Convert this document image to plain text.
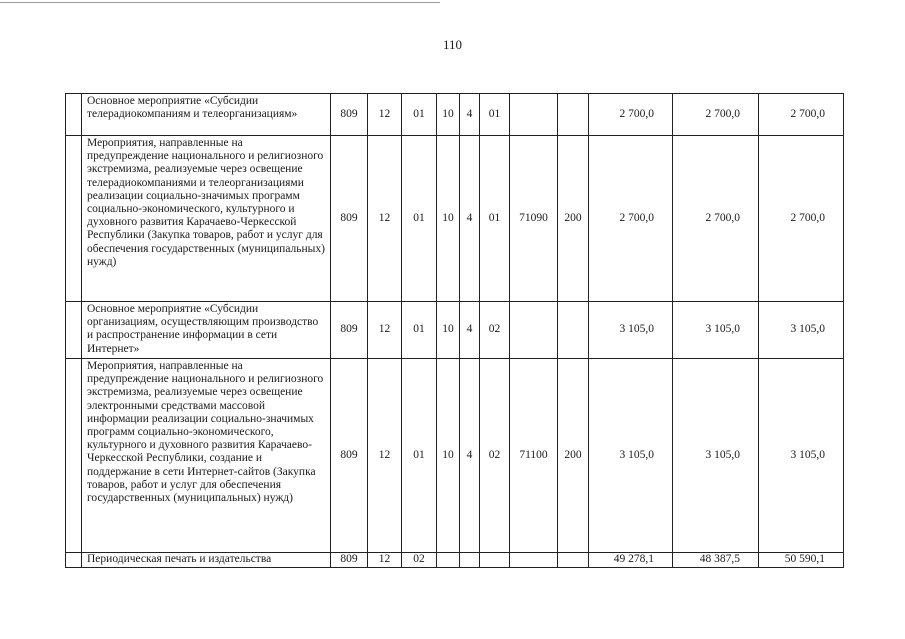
110
	Основное мероприятие «Субсидии телерадиокомпаниям и телеорганизациям»	809	12	01	10	4	01			2 700,0	2 700,0	2 700,0
	Мероприятия, направленные на предупреждение национального и религиозного экстремизма, реализуемые через освещение телерадиокомпаниями и телеорганизациями реализации социально-значимых программ социально-экономического, культурного и духовного развития Карачаево-Черкесской Республики (Закупка товаров, работ и услуг для обеспечения государственных (муниципальных) нужд)	809	12	01	10	4	01	71090	200	2 700,0	2 700,0	2 700,0
	Основное мероприятие «Субсидии организациям, осуществляющим производство и распространение информации в сети Интернет»	809	12	01	10	4	02			3 105,0	3 105,0	3 105,0
	Мероприятия, направленные на предупреждение национального и религиозного экстремизма, реализуемые через освещение электронными средствами массовой информации реализации социально-значимых программ социально-экономического, культурного и духовного развития Карачаево-Черкесской Республики, создание и поддержание в сети Интернет-сайтов (Закупка товаров, работ и услуг для обеспечения государственных (муниципальных) нужд)	809	12	01	10	4	02	71100	200	3 105,0	3 105,0	3 105,0
	Периодическая печать и издательства	809	12	02						49 278,1	48 387,5	50 590,1
